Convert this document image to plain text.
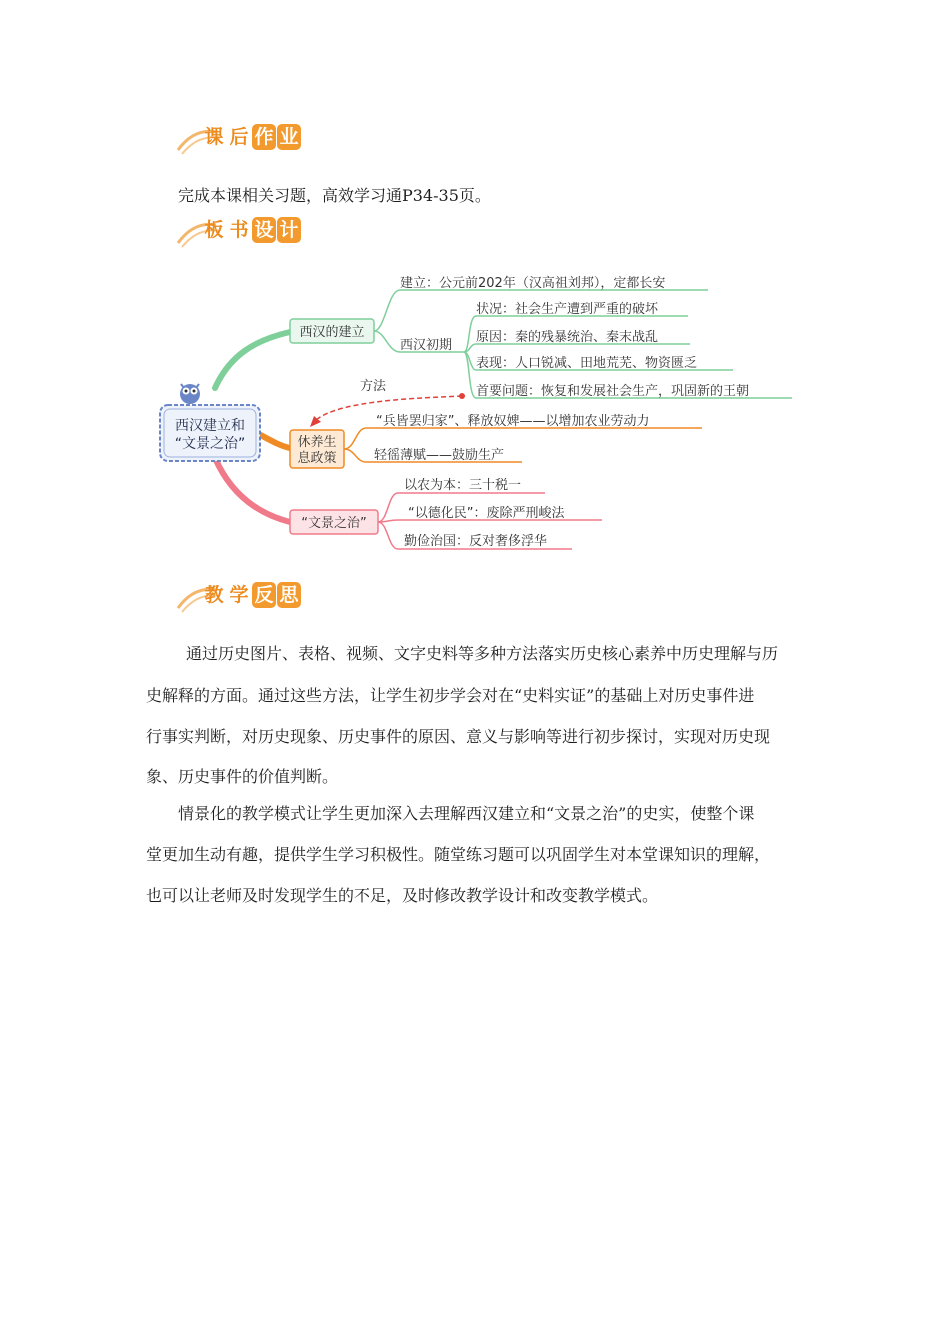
课 后 作 业

完成本课相关习题，高效学习通P34-35页。

板 书 设 计
西汉建立和
“文景之治”
西汉的建立
建立：公元前202年（汉高祖刘邦），定都长安
西汉初期
状况：社会生产遭到严重的破坏
原因：秦的残暴统治、秦末战乱
表现：人口锐减、田地荒芜、物资匮乏
首要问题：恢复和发展社会生产，巩固新的王朝
方法
休养生
息政策
“兵皆罢归家”、释放奴婢——以增加农业劳动力
轻徭薄赋——鼓励生产
“文景之治”
以农为本：三十税一
“以德化民”：废除严刑峻法
勤俭治国：反对奢侈浮华
教 学 反 思

通过历史图片、表格、视频、文字史料等多种方法落实历史核心素养中历史理解与历

史解释的方面。通过这些方法，让学生初步学会对在“史料实证”的基础上对历史事件进

行事实判断，对历史现象、历史事件的原因、意义与影响等进行初步探讨，实现对历史现

象、历史事件的价值判断。

情景化的教学模式让学生更加深入去理解西汉建立和“文景之治”的史实，使整个课

堂更加生动有趣，提供学生学习积极性。随堂练习题可以巩固学生对本堂课知识的理解，

也可以让老师及时发现学生的不足，及时修改教学设计和改变教学模式。
